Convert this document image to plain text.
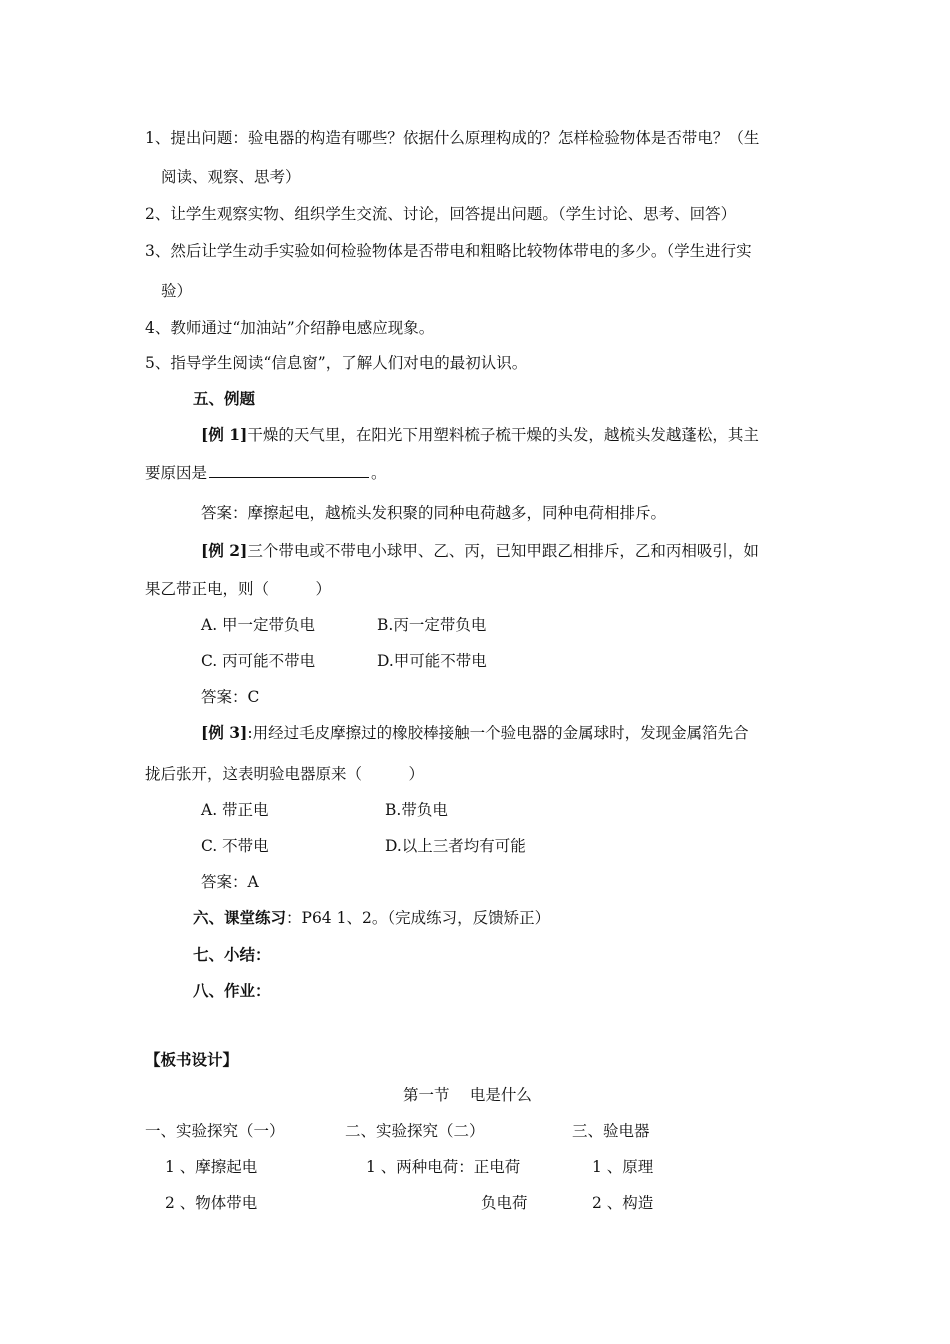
1、提出问题：验电器的构造有哪些？依据什么原理构成的？怎样检验物体是否带电？（生
阅读、观察、思考）
2、让学生观察实物、组织学生交流、讨论，回答提出问题。（学生讨论、思考、回答）
3、然后让学生动手实验如何检验物体是否带电和粗略比较物体带电的多少。（学生进行实
验）
4、教师通过“加油站”介绍静电感应现象。
5、指导学生阅读“信息窗”，了解人们对电的最初认识。
五、例题
[例 1]干燥的天气里，在阳光下用塑料梳子梳干燥的头发，越梳头发越蓬松，其主
要原因是	。
答案：摩擦起电，越梳头发积聚的同种电荷越多，同种电荷相排斥。
[例 2]三个带电或不带电小球甲、乙、丙，已知甲跟乙相排斥，乙和丙相吸引，如
果乙带正电，则（　　　）
A. 甲一定带负电	B.丙一定带负电
C. 丙可能不带电	D.甲可能不带电
答案：C
[例 3]:用经过毛皮摩擦过的橡胶棒接触一个验电器的金属球时，发现金属箔先合
拢后张开，这表明验电器原来（　　　）
A. 带正电	B.带负电
C. 不带电	D.以上三者均有可能
答案：A
六、课堂练习：P64 1、2。（完成练习，反馈矫正）
七、小结：
八、作业：
【板书设计】
第一节　 电是什么
一、实验探究（一）	二、实验探究（二）	三、验电器
1 、摩擦起电	1 、两种电荷：正电荷	1 、原理
2 、物体带电	负电荷	2 、构造
